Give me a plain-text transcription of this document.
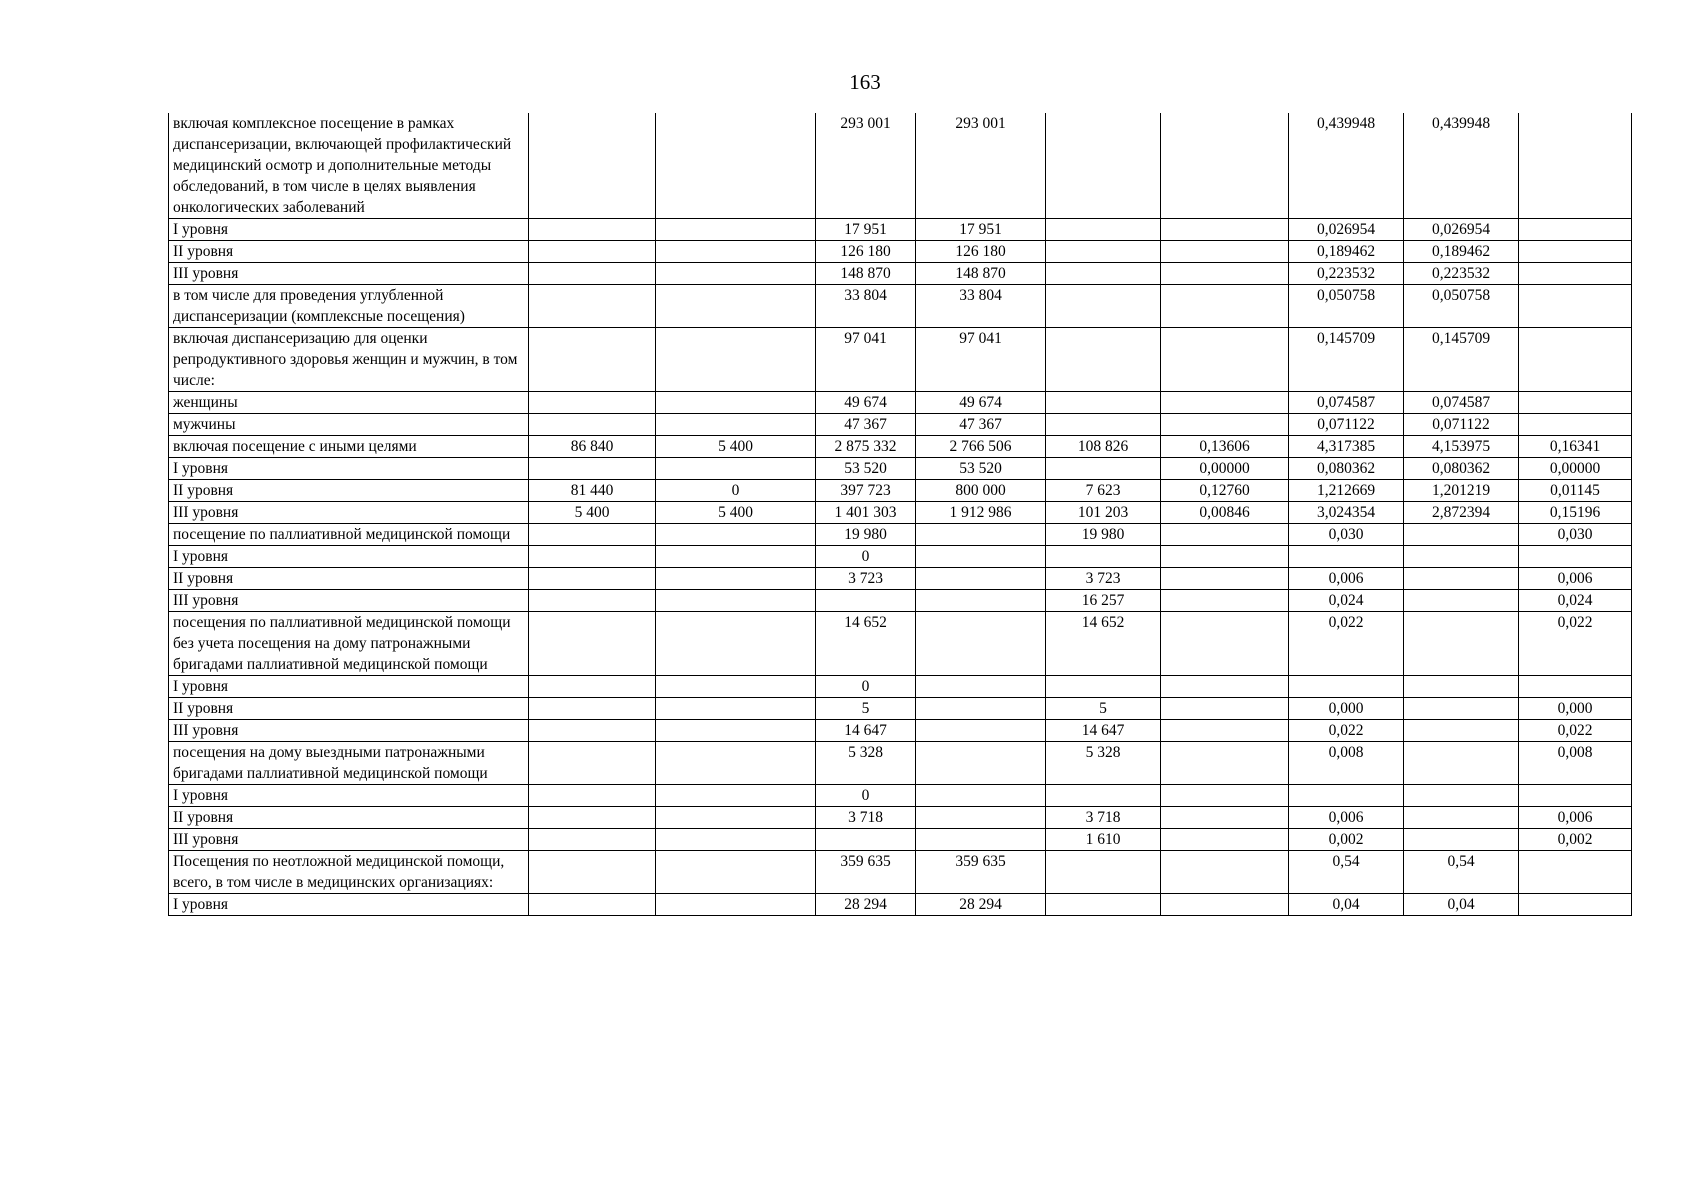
163
включая комплексное посещение в рамках диспансеризации, включающей профилактический медицинский осмотр и дополнительные методы обследований, в том числе в целях выявления онкологических заболеваний			293 001	293 001			0,439948	0,439948	
I уровня			17 951	17 951			0,026954	0,026954	
II уровня			126 180	126 180			0,189462	0,189462	
III уровня			148 870	148 870			0,223532	0,223532	
в том числе для проведения углубленной диспансеризации (комплексные посещения)			33 804	33 804			0,050758	0,050758	
включая диспансеризацию для оценки репродуктивного здоровья женщин и мужчин, в том числе:			97 041	97 041			0,145709	0,145709	
женщины			49 674	49 674			0,074587	0,074587	
мужчины			47 367	47 367			0,071122	0,071122	
включая посещение с иными целями	86 840	5 400	2 875 332	2 766 506	108 826	0,13606	4,317385	4,153975	0,16341
I уровня			53 520	53 520		0,00000	0,080362	0,080362	0,00000
II уровня	81 440	0	397 723	800 000	7 623	0,12760	1,212669	1,201219	0,01145
III уровня	5 400	5 400	1 401 303	1 912 986	101 203	0,00846	3,024354	2,872394	0,15196
посещение по паллиативной медицинской помощи			19 980		19 980		0,030		0,030
I уровня			0						
II уровня			3 723		3 723		0,006		0,006
III уровня					16 257		0,024		0,024
посещения по паллиативной медицинской помощи без учета посещения на дому патронажными бригадами паллиативной медицинской помощи			14 652		14 652		0,022		0,022
I уровня			0						
II уровня			5		5		0,000		0,000
III уровня			14 647		14 647		0,022		0,022
посещения на дому выездными патронажными бригадами паллиативной медицинской помощи			5 328		5 328		0,008		0,008
I уровня			0						
II уровня			3 718		3 718		0,006		0,006
III уровня					1 610		0,002		0,002
Посещения по неотложной медицинской помощи, всего, в том числе в медицинских организациях:			359 635	359 635			0,54	0,54	
I уровня			28 294	28 294			0,04	0,04	
